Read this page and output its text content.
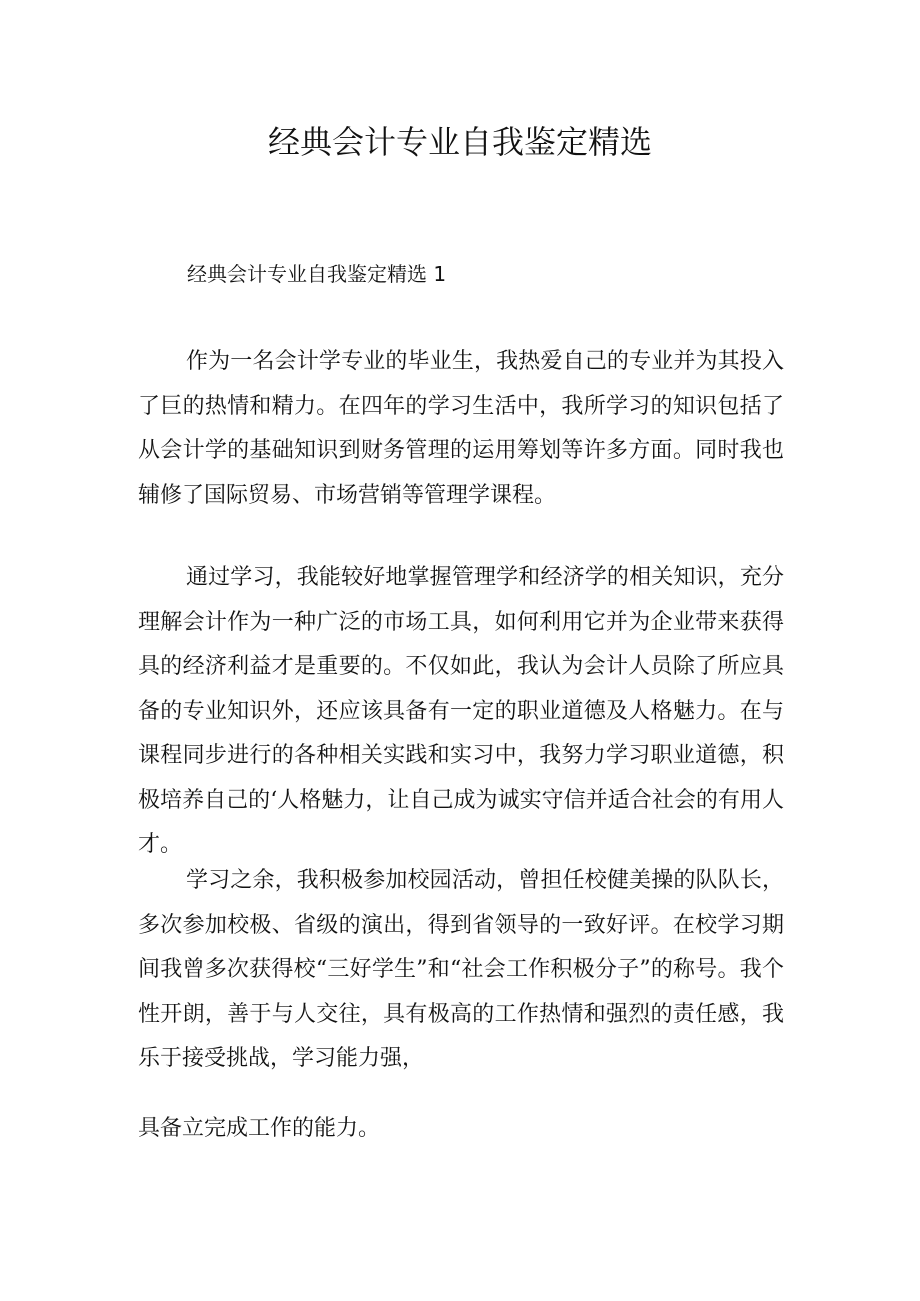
经典会计专业自我鉴定精选

经典会计专业自我鉴定精选 1

作为一名会计学专业的毕业生，我热爱自己的专业并为其投入了巨的热情和精力。在四年的学习生活中，我所学习的知识包括了从会计学的基础知识到财务管理的运用筹划等许多方面。同时我也辅修了国际贸易、市场营销等管理学课程。

通过学习，我能较好地掌握管理学和经济学的相关知识，充分理解会计作为一种广泛的市场工具，如何利用它并为企业带来获得具的经济利益才是重要的。不仅如此，我认为会计人员除了所应具备的专业知识外，还应该具备有一定的职业道德及人格魅力。在与课程同步进行的各种相关实践和实习中，我努力学习职业道德，积极培养自己的‘人格魅力，让自己成为诚实守信并适合社会的有用人才。

学习之余，我积极参加校园活动，曾担任校健美操的队队长，多次参加校极、省级的演出，得到省领导的一致好评。在校学习期间我曾多次获得校“三好学生”和“社会工作积极分子”的称号。我个性开朗，善于与人交往，具有极高的工作热情和强烈的责任感，我乐于接受挑战，学习能力强，

具备立完成工作的能力。
